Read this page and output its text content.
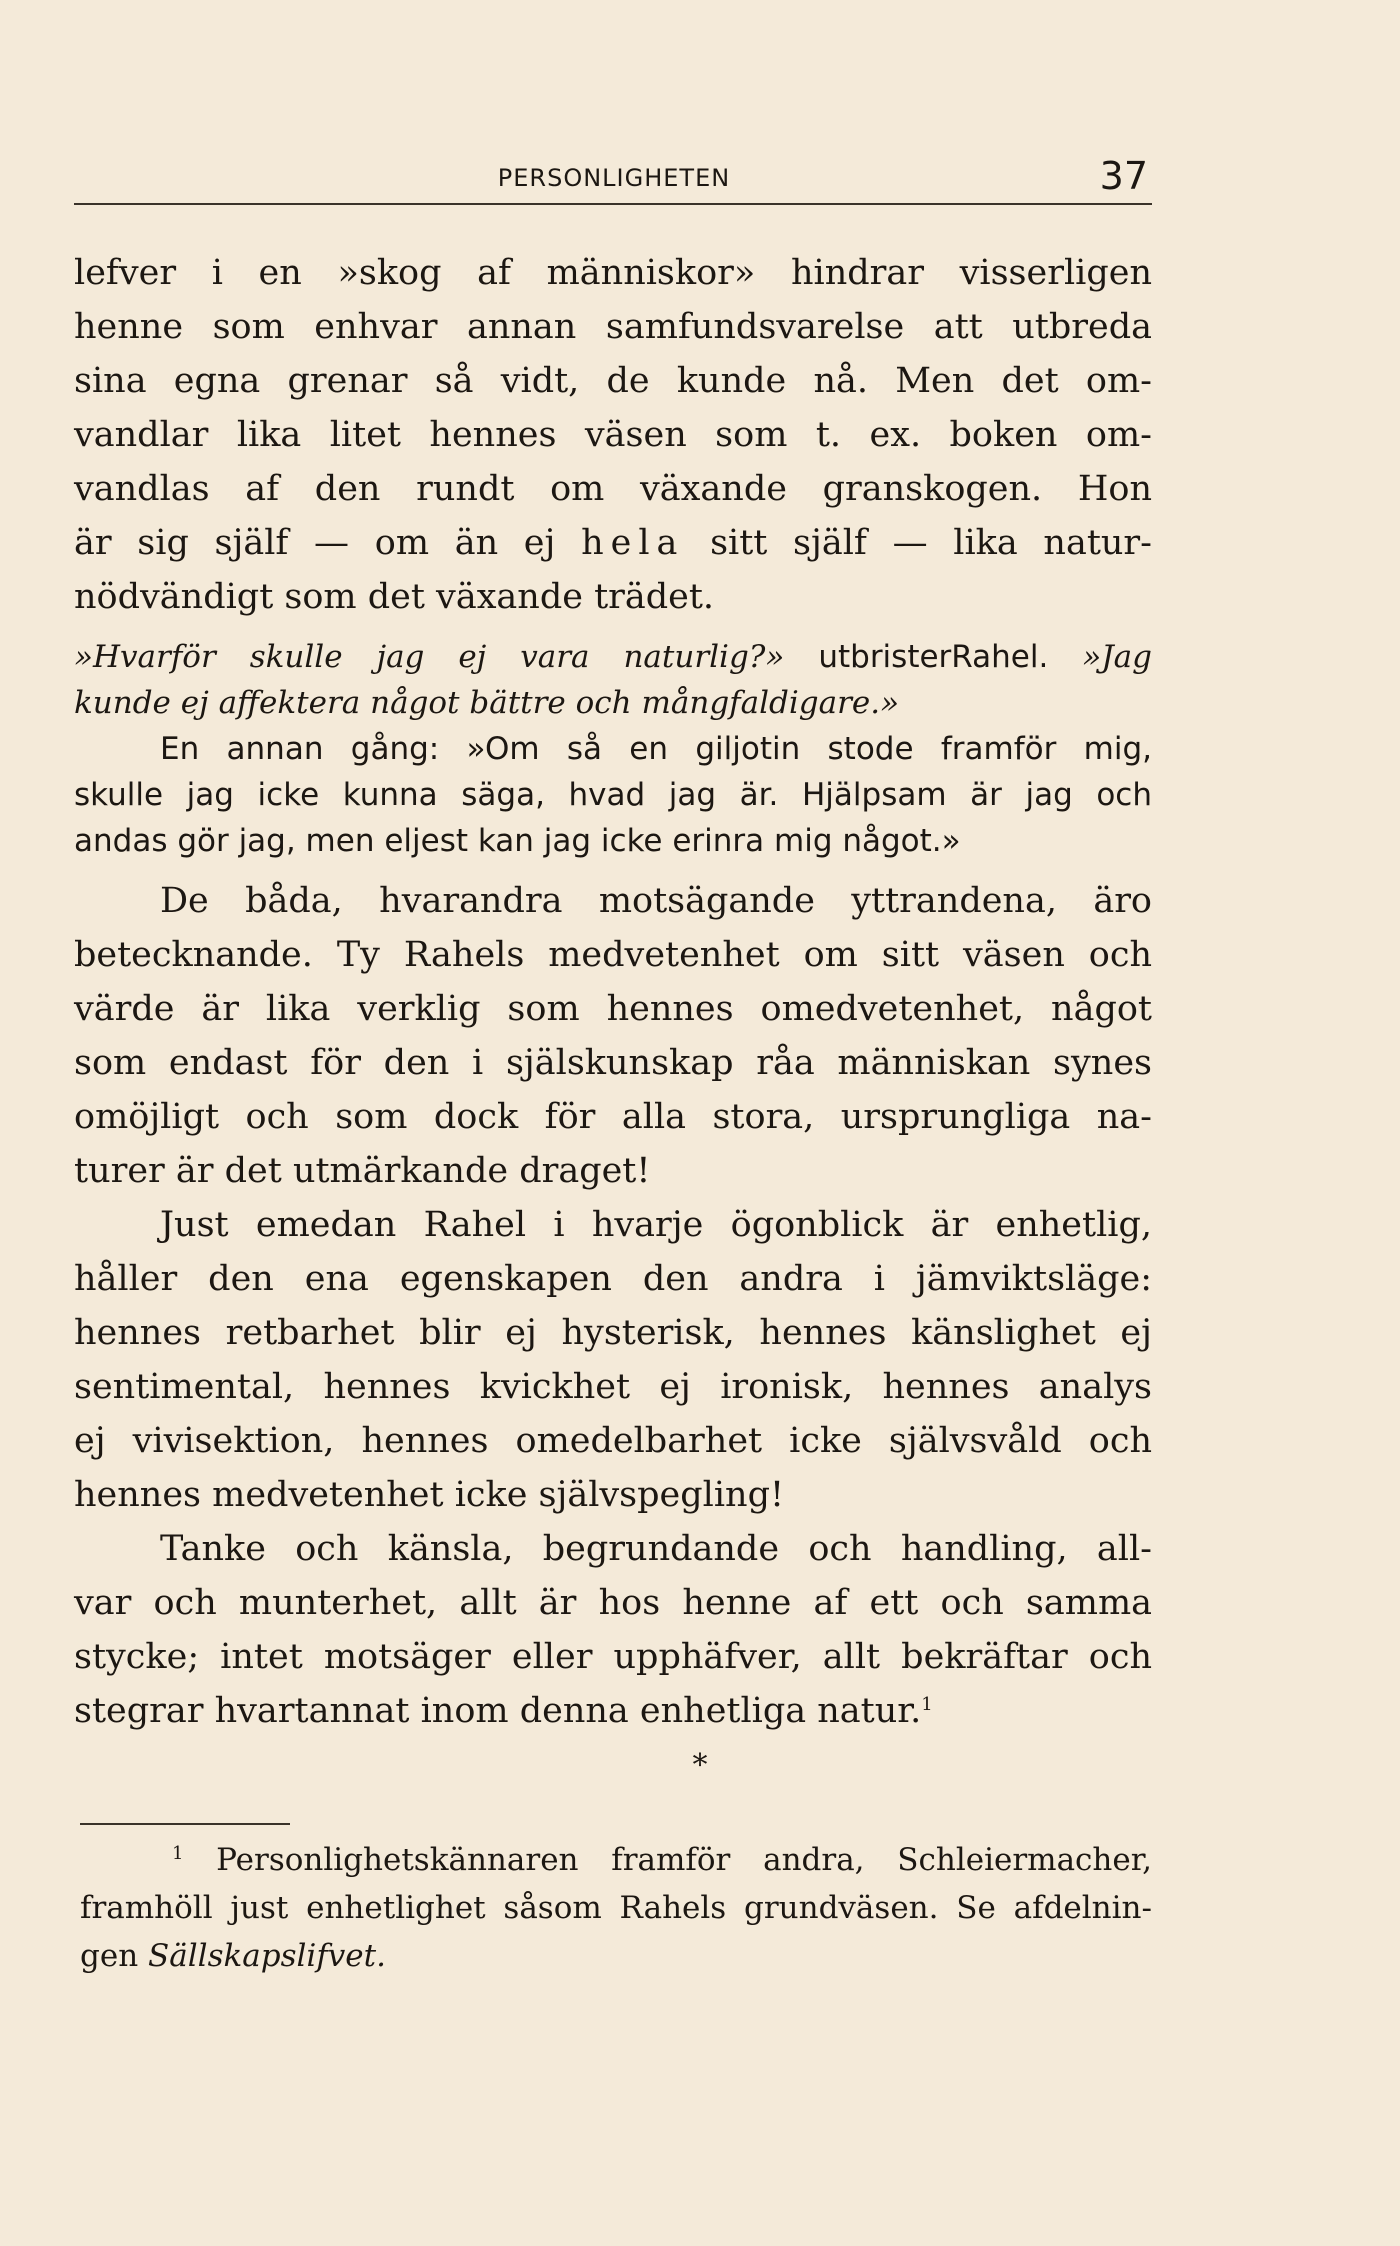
PERSONLIGHETEN	37
lefver i en »skog af människor» hindrar visserligen
henne som enhvar annan samfundsvarelse att utbreda
sina egna grenar så vidt, de kunde nå. Men det om-
vandlar lika litet hennes väsen som t. ex. boken om-
vandlas af den rundt om växande granskogen. Hon
är sig själf — om än ej hela sitt själf — lika natur-
nödvändigt som det växande trädet.
»Hvarför skulle jag ej vara naturlig?» utbristerRahel. »Jag
kunde ej affektera något bättre och mångfaldigare.»
En annan gång: »Om så en giljotin stode framför mig,
skulle jag icke kunna säga, hvad jag är. Hjälpsam är jag och
andas gör jag, men eljest kan jag icke erinra mig något.»
De båda, hvarandra motsägande yttrandena, äro
betecknande. Ty Rahels medvetenhet om sitt väsen och
värde är lika verklig som hennes omedvetenhet, något
som endast för den i själskunskap råa människan synes
omöjligt och som dock för alla stora, ursprungliga na-
turer är det utmärkande draget!
Just emedan Rahel i hvarje ögonblick är enhetlig,
håller den ena egenskapen den andra i jämviktsläge:
hennes retbarhet blir ej hysterisk, hennes känslighet ej
sentimental, hennes kvickhet ej ironisk, hennes analys
ej vivisektion, hennes omedelbarhet icke självsvåld och
hennes medvetenhet icke självspegling!
Tanke och känsla, begrundande och handling, all-
var och munterhet, allt är hos henne af ett och samma
stycke; intet motsäger eller upphäfver, allt bekräftar och
stegrar hvartannat inom denna enhetliga natur.$^1$
*
$^1$ Personlighetskännaren framför andra, Schleiermacher,
framhöll just enhetlighet såsom Rahels grundväsen. Se afdelnin-
gen Sällskapslifvet.
